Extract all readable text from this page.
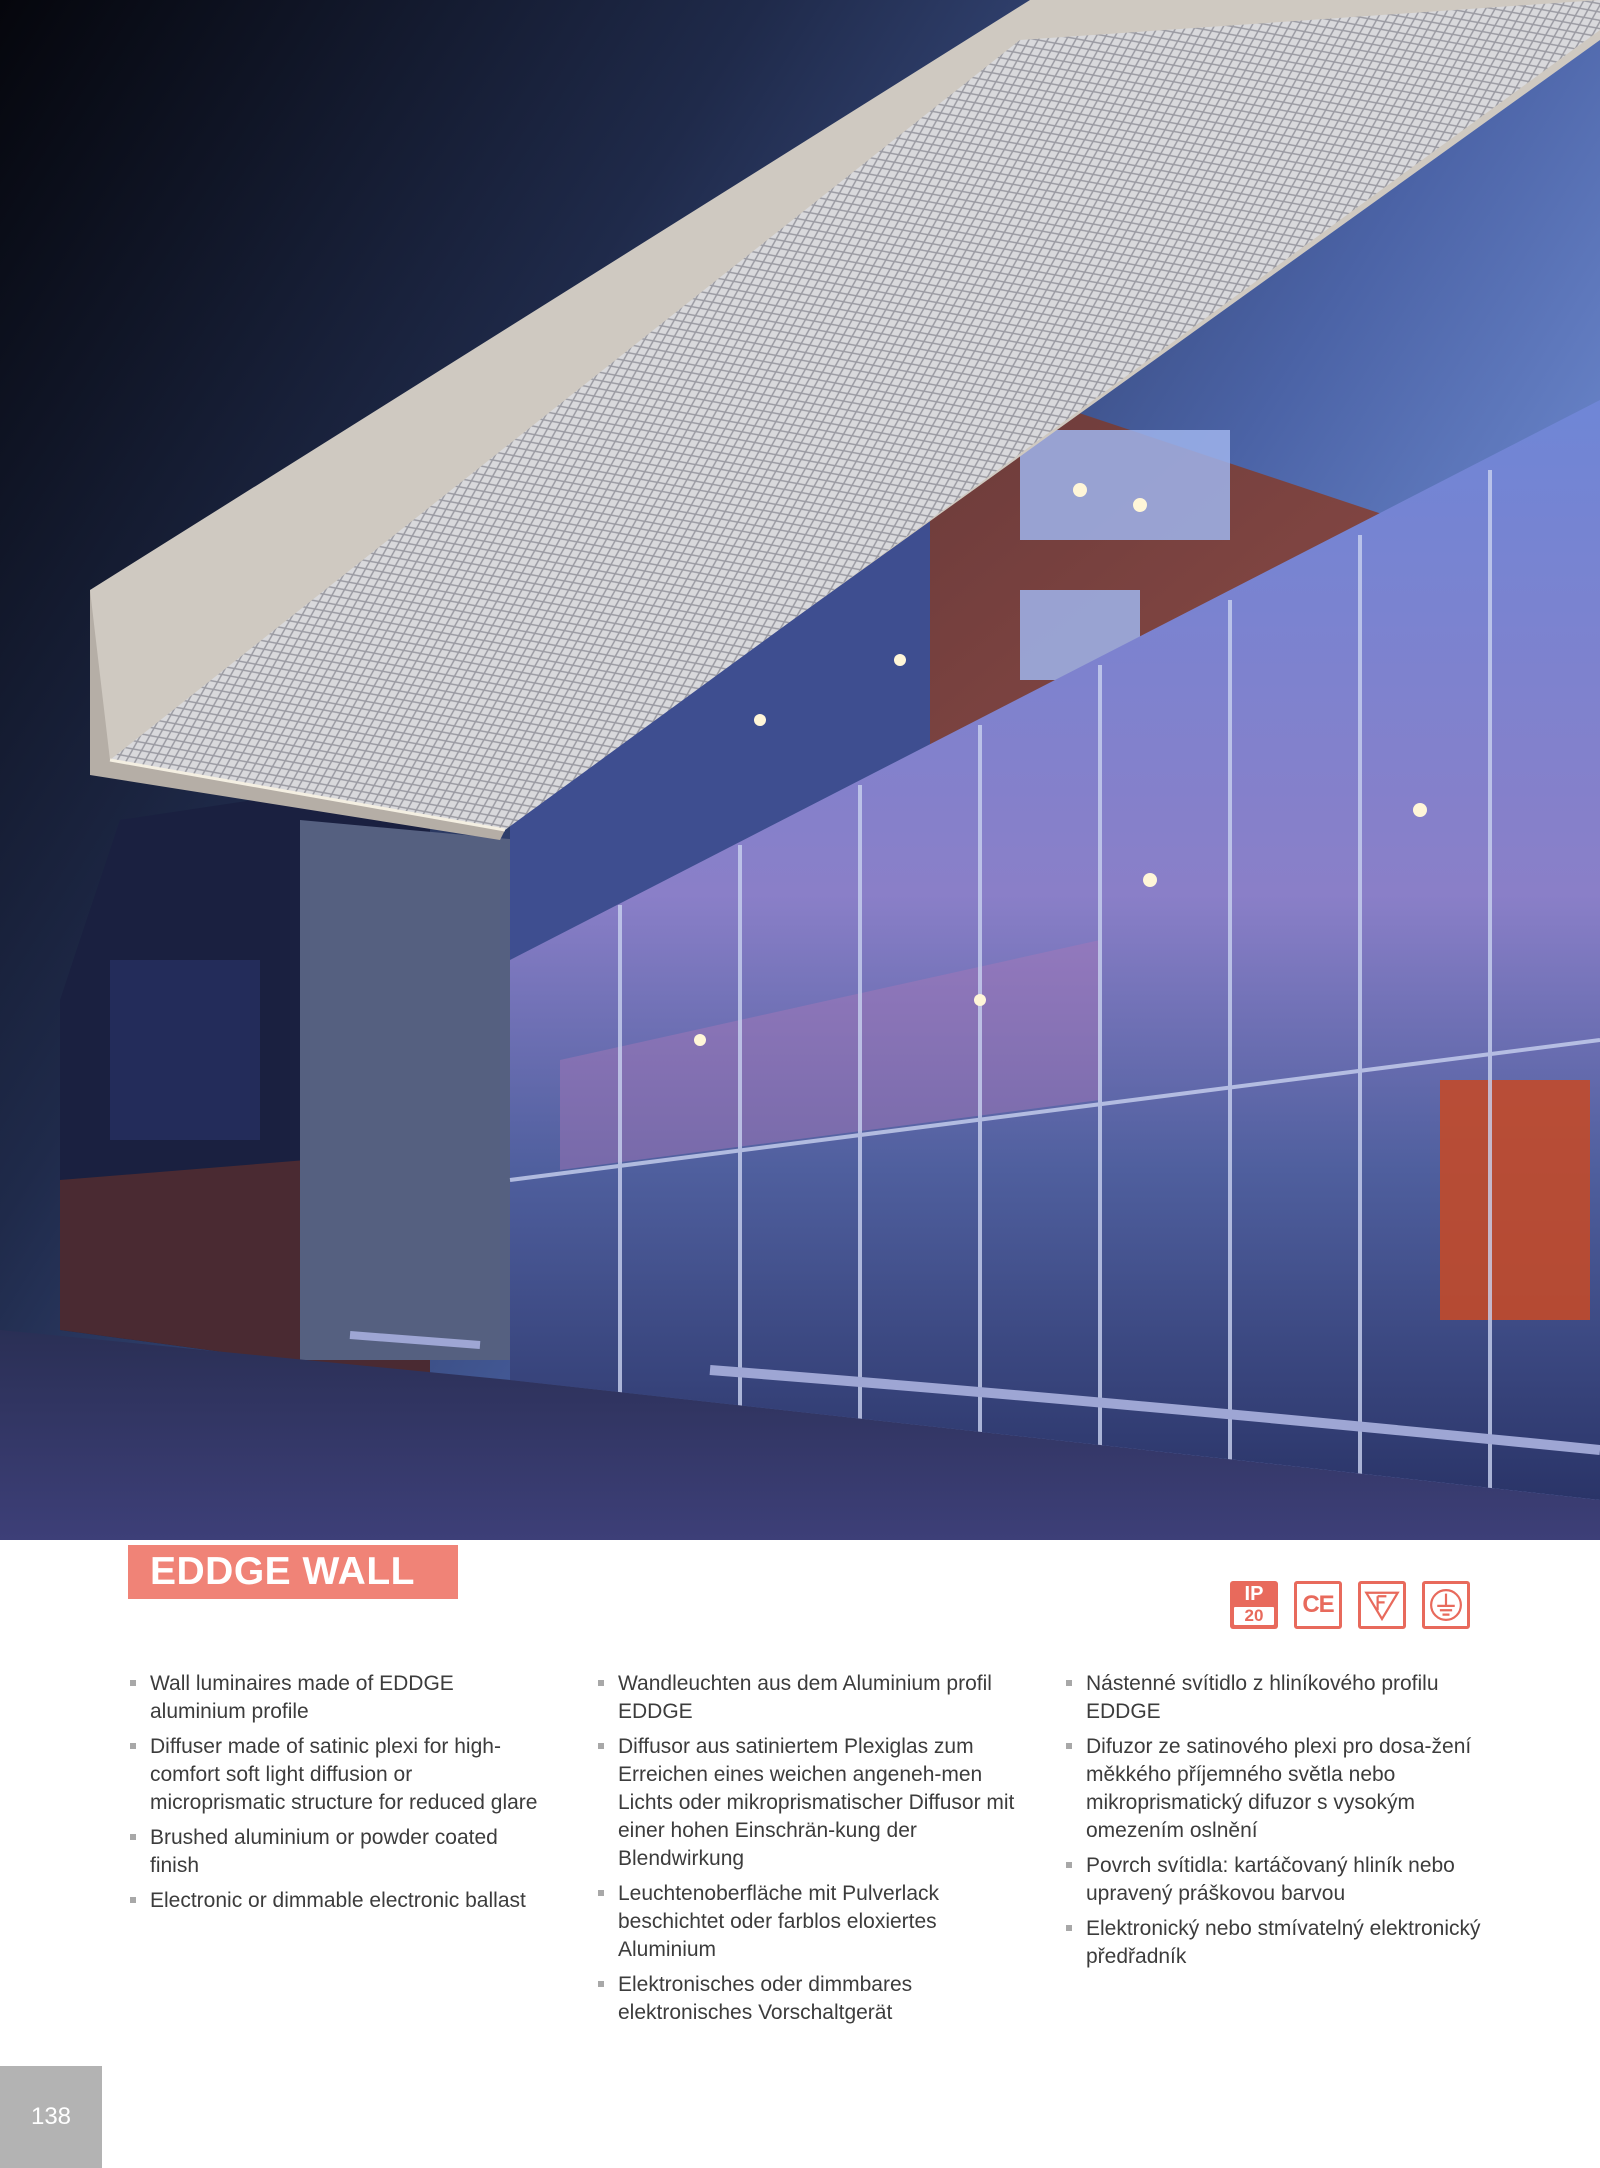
EDDGE WALL
IP
20	CE
Wall luminaires made of EDDGE aluminium profile
Diffuser made of satinic plexi for high-comfort soft light diffusion or microprismatic structure for reduced glare
Brushed aluminium or powder coated finish
Electronic or dimmable electronic ballast
Wandleuchten aus dem Aluminium profil EDDGE
Diffusor aus satiniertem Plexiglas zum Erreichen eines weichen angeneh-men Lichts oder mikroprismatischer Diffusor mit einer hohen Einschrän-kung der Blendwirkung
Leuchtenoberfläche mit Pulverlack beschichtet oder farblos eloxiertes Aluminium
Elektronisches oder dimmbares elektronisches Vorschaltgerät
Nástenné svítidlo z hliníkového profilu EDDGE
Difuzor ze satinového plexi pro dosa-žení měkkého příjemného světla nebo mikroprismatický difuzor s vysokým omezením oslnění
Povrch svítidla: kartáčovaný hliník nebo upravený práškovou barvou
Elektronický nebo stmívatelný elektronický předřadník
138
